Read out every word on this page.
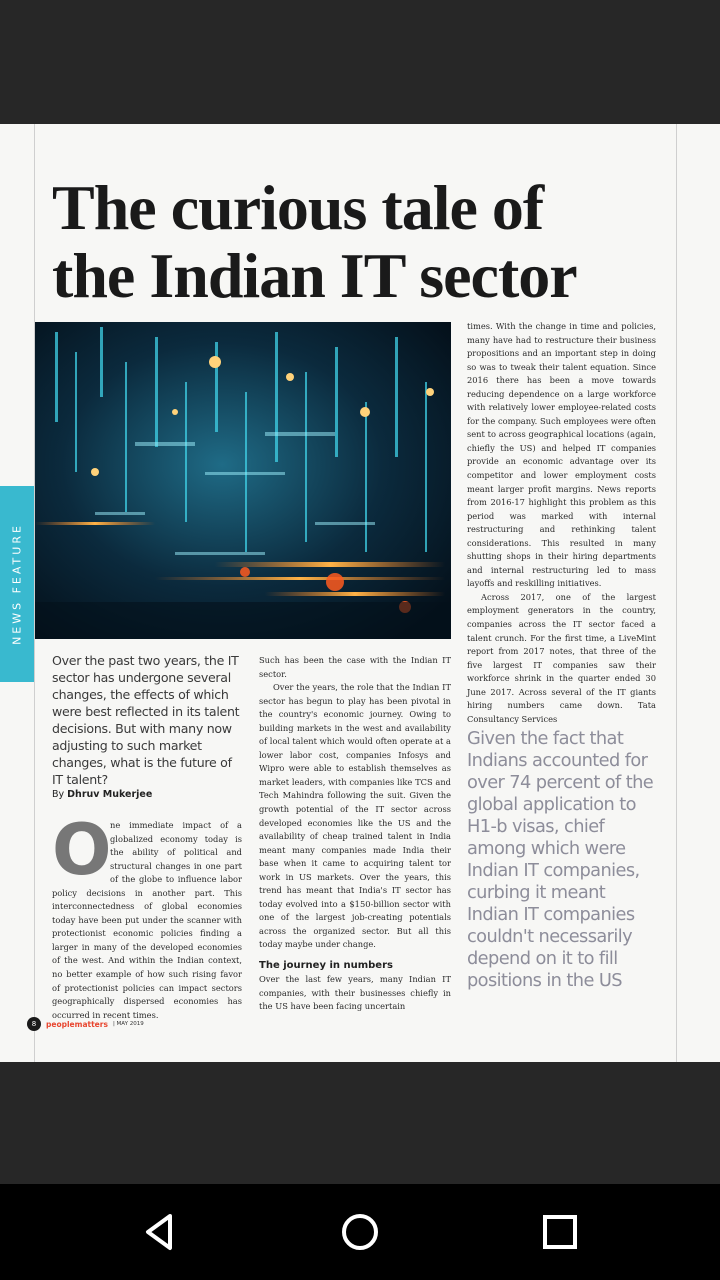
NEWS FEATURE
The curious tale of
the Indian IT sector
Over the past two years, the IT sector has undergone several changes, the effects of which were best reflected in its talent decisions. But with many now adjusting to such market changes, what is the future of IT talent?
By Dhruv Mukerjee
O

ne immediate impact of a globalized economy today is the ability of political and structural changes in one part of the globe to influence labor policy decisions in another part. This interconnectedness of global economies today have been put under the scanner with protectionist economic policies finding a larger in many of the developed economies of the west. And within the Indian context, no better example of how such rising favor of protectionist policies can impact sectors geographically dispersed economies has occurred in recent times.

Such has been the case with the Indian IT sector.

Over the years, the role that the Indian IT sector has begun to play has been pivotal in the country's economic journey. Owing to building markets in the west and availability of local talent which would often operate at a lower labor cost, companies Infosys and Wipro were able to establish themselves as market leaders, with companies like TCS and Tech Mahindra following the suit. Given the growth potential of the IT sector across developed economies like the US and the availability of cheap trained talent in India meant many companies made India their base when it came to acquiring talent tor work in US markets. Over the years, this trend has meant that India's IT sector has today evolved into a $150-billion sector with one of the largest job-creating potentials across the organized sector. But all this today maybe under change.

The journey in numbers

Over the last few years, many Indian IT companies, with their businesses chiefly in the US have been facing uncertain

times. With the change in time and policies, many have had to restructure their business propositions and an important step in doing so was to tweak their talent equation. Since 2016 there has been a move towards reducing dependence on a large workforce with relatively lower employee-related costs for the company. Such employees were often sent to across geographical locations (again, chiefly the US) and helped IT companies provide an economic advantage over its competitor and lower employment costs meant larger profit margins. News reports from 2016-17 highlight this problem as this period was marked with internal restructuring and rethinking talent considerations. This resulted in many shutting shops in their hiring departments and internal restructuring led to mass layoffs and reskilling initiatives.

Across 2017, one of the largest employment generators in the country, companies across the IT sector faced a talent crunch. For the first time, a LiveMint report from 2017 notes, that three of the five largest IT companies saw their workforce shrink in the quarter ended 30 June 2017. Across several of the IT giants hiring numbers came down. Tata Consultancy Services

Given the fact that Indians accounted for over 74 percent of the global application to H1-b visas, chief among which were Indian IT companies, curbing it meant Indian IT companies couldn't necessarily depend on it to fill positions in the US
8	peoplematters | MAY 2019
